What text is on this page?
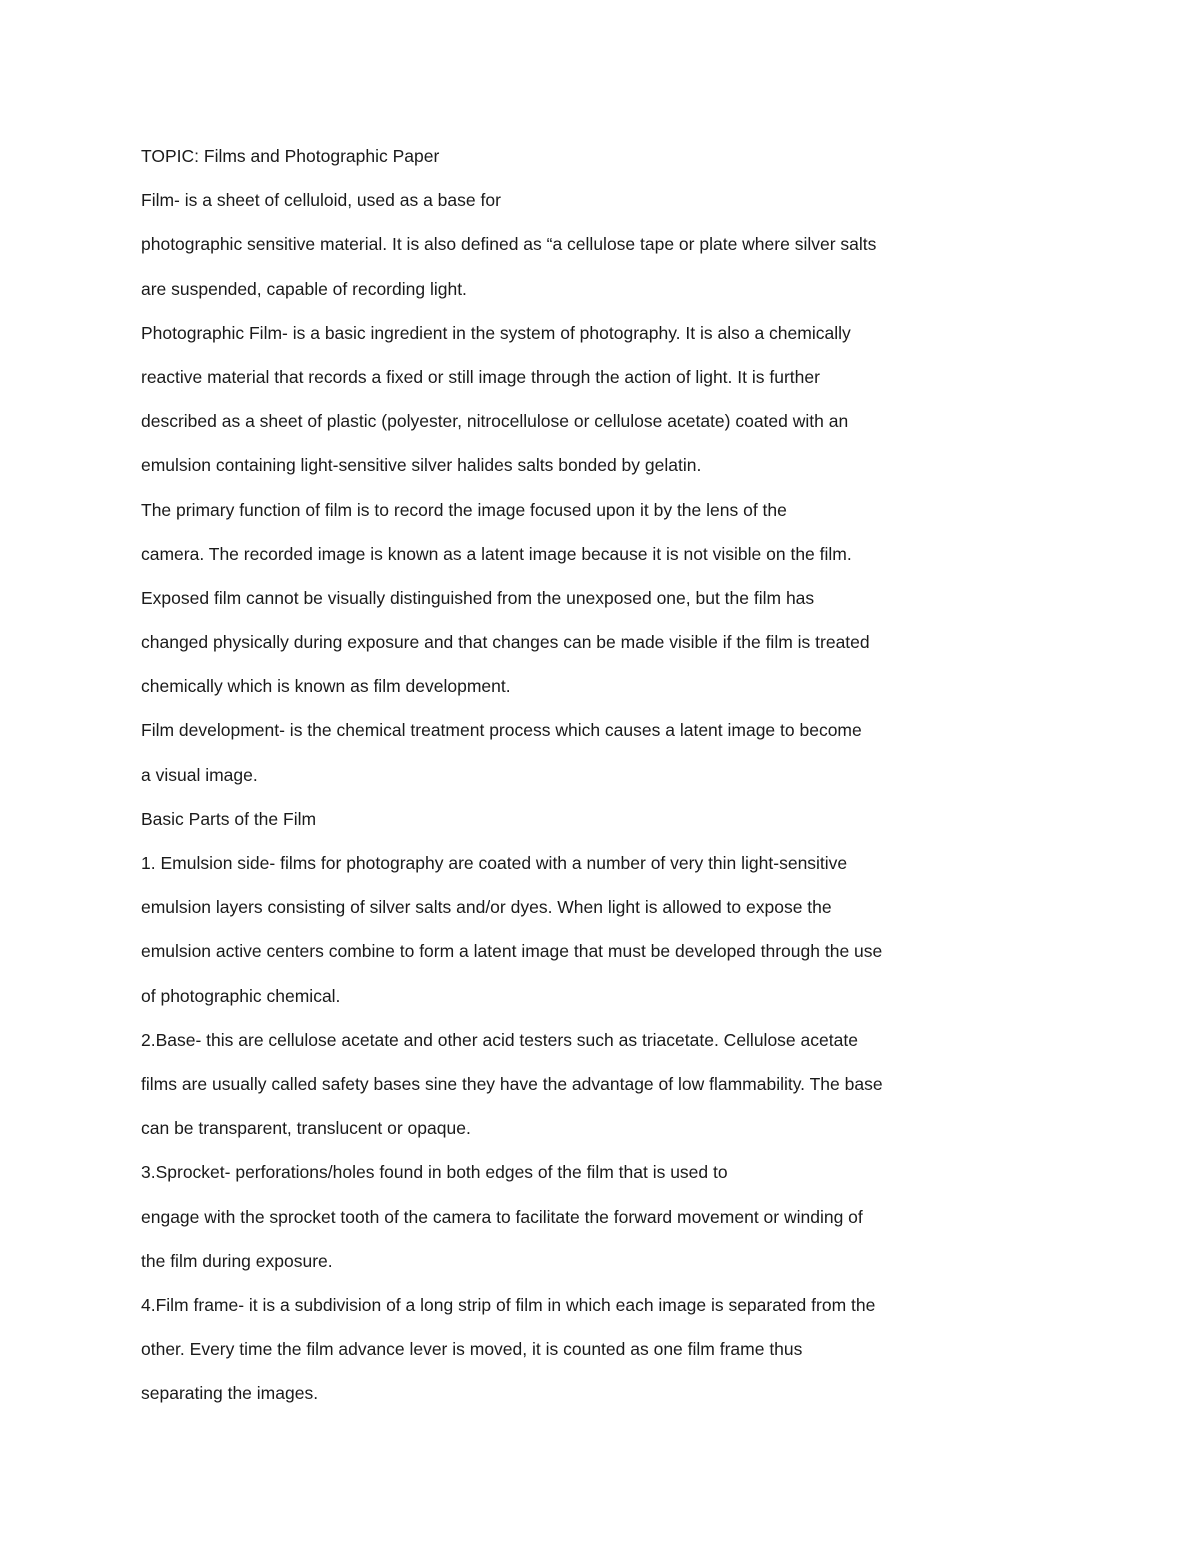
TOPIC: Films and Photographic Paper
Film- is a sheet of celluloid, used as a base for
photographic sensitive material. It is also defined as “a cellulose tape or plate where silver salts
are suspended, capable of recording light.
Photographic Film- is a basic ingredient in the system of photography. It is also a chemically
reactive material that records a fixed or still image through the action of light. It is further
described as a sheet of plastic (polyester, nitrocellulose or cellulose acetate) coated with an
emulsion containing light-sensitive silver halides salts bonded by gelatin.
The primary function of film is to record the image focused upon it by the lens of the
camera. The recorded image is known as a latent image because it is not visible on the film.
Exposed film cannot be visually distinguished from the unexposed one, but the film has
changed physically during exposure and that changes can be made visible if the film is treated
chemically which is known as film development.
Film development- is the chemical treatment process which causes a latent image to become
a visual image.
Basic Parts of the Film
1. Emulsion side- films for photography are coated with a number of very thin light-sensitive
emulsion layers consisting of silver salts and/or dyes. When light is allowed to expose the
emulsion active centers combine to form a latent image that must be developed through the use
of photographic chemical.
2.Base- this are cellulose acetate and other acid testers such as triacetate. Cellulose acetate
films are usually called safety bases sine they have the advantage of low flammability. The base
can be transparent, translucent or opaque.
3.Sprocket- perforations/holes found in both edges of the film that is used to
engage with the sprocket tooth of the camera to facilitate the forward movement or winding of
the film during exposure.
4.Film frame- it is a subdivision of a long strip of film in which each image is separated from the
other. Every time the film advance lever is moved, it is counted as one film frame thus
separating the images.
